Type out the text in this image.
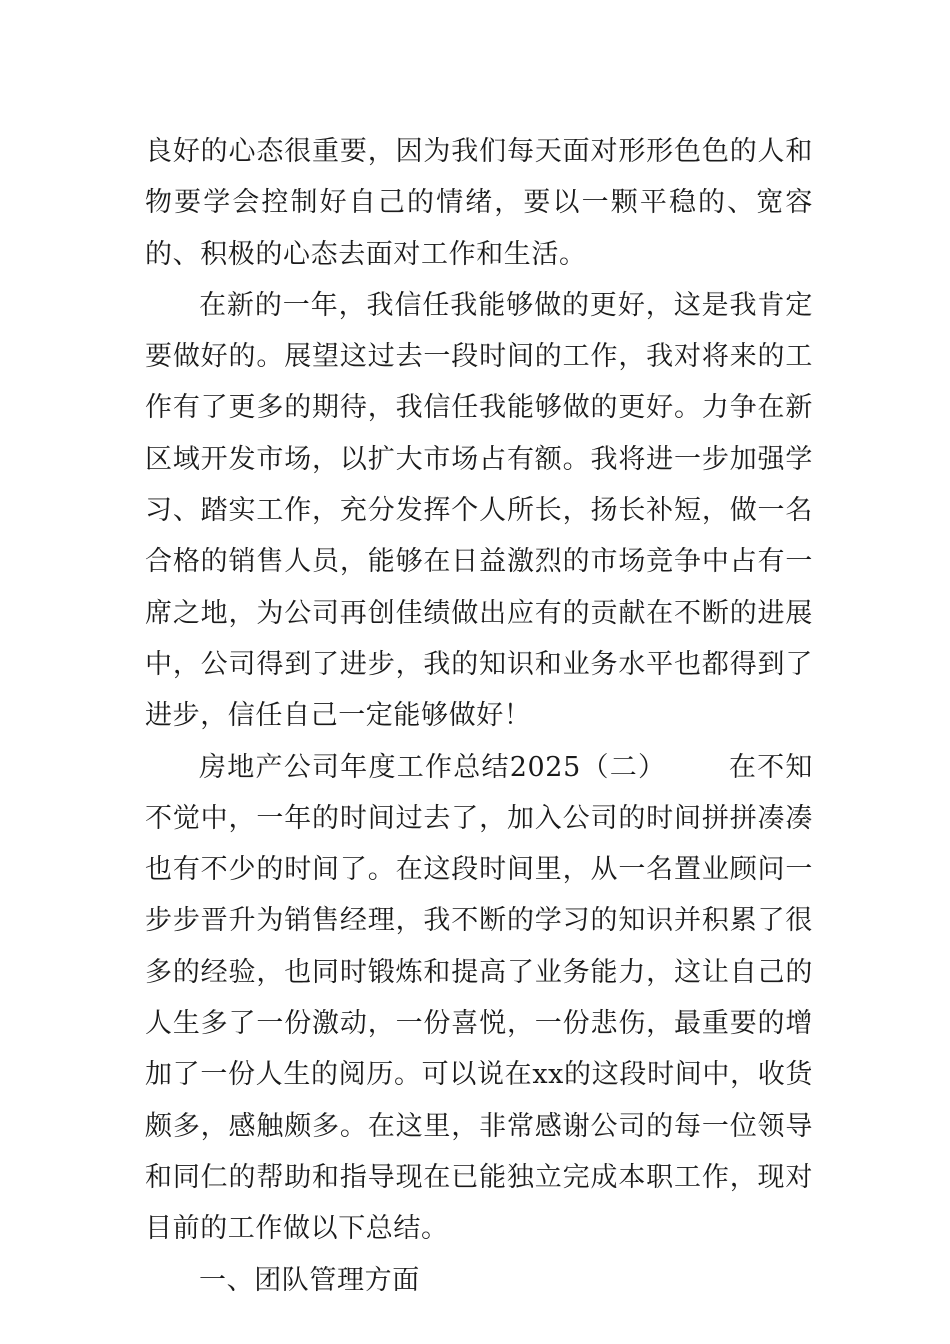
良好的心态很重要，因为我们每天面对形形色色的人和物要学会控制好自己的情绪，要以一颗平稳的、宽容的、积极的心态去面对工作和生活。

在新的一年，我信任我能够做的更好，这是我肯定要做好的。展望这过去一段时间的工作，我对将来的工作有了更多的期待，我信任我能够做的更好。力争在新区域开发市场，以扩大市场占有额。我将进一步加强学习、踏实工作，充分发挥个人所长，扬长补短，做一名合格的销售人员，能够在日益激烈的市场竞争中占有一席之地，为公司再创佳绩做出应有的贡献在不断的进展中，公司得到了进步，我的知识和业务水平也都得到了进步，信任自己一定能够做好！

房地产公司年度工作总结2025（二） 在不知不觉中，一年的时间过去了，加入公司的时间拼拼凑凑也有不少的时间了。在这段时间里，从一名置业顾问一步步晋升为销售经理，我不断的学习的知识并积累了很多的经验，也同时锻炼和提高了业务能力，这让自己的人生多了一份激动，一份喜悦，一份悲伤，最重要的增加了一份人生的阅历。可以说在xx的这段时间中，收货颇多，感触颇多。在这里，非常感谢公司的每一位领导和同仁的帮助和指导现在已能独立完成本职工作，现对目前的工作做以下总结。

一、团队管理方面
